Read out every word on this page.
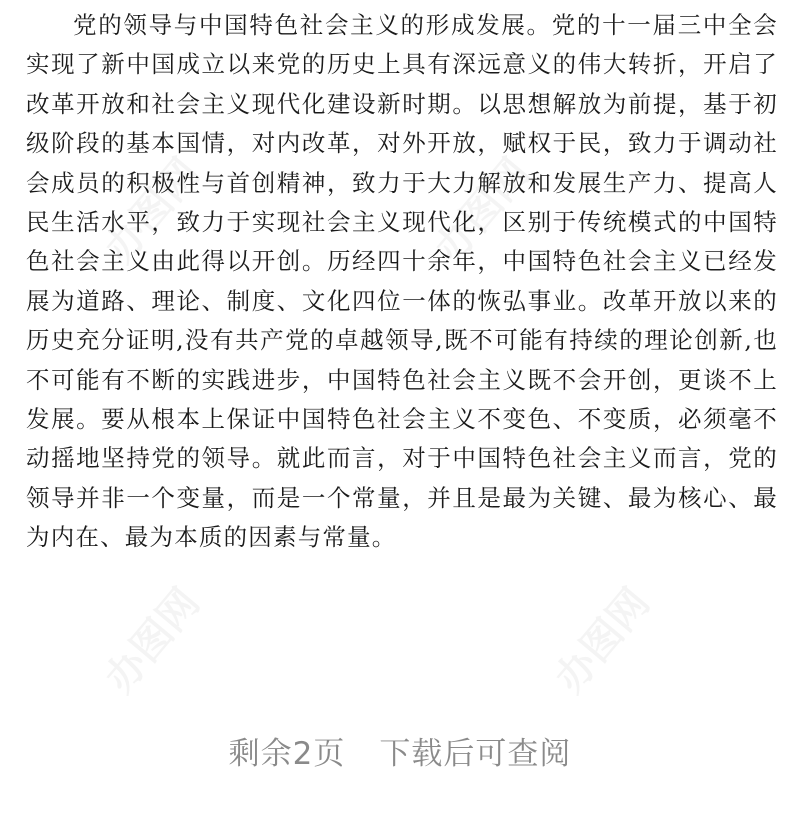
党的领导与中国特色社会主义的形成发展。党的十一届三中全会实现了新中国成立以来党的历史上具有深远意义的伟大转折，开启了改革开放和社会主义现代化建设新时期。以思想解放为前提，基于初级阶段的基本国情，对内改革，对外开放，赋权于民，致力于调动社会成员的积极性与首创精神，致力于大力解放和发展生产力、提高人民生活水平，致力于实现社会主义现代化，区别于传统模式的中国特色社会主义由此得以开创。历经四十余年，中国特色社会主义已经发展为道路、理论、制度、文化四位一体的恢弘事业。改革开放以来的历史充分证明,没有共产党的卓越领导,既不可能有持续的理论创新,也不可能有不断的实践进步，中国特色社会主义既不会开创，更谈不上发展。要从根本上保证中国特色社会主义不变色、不变质，必须毫不动摇地坚持党的领导。就此而言，对于中国特色社会主义而言，党的领导并非一个变量，而是一个常量，并且是最为关键、最为核心、最为内在、最为本质的因素与常量。

剩余2页 下载后可查阅
